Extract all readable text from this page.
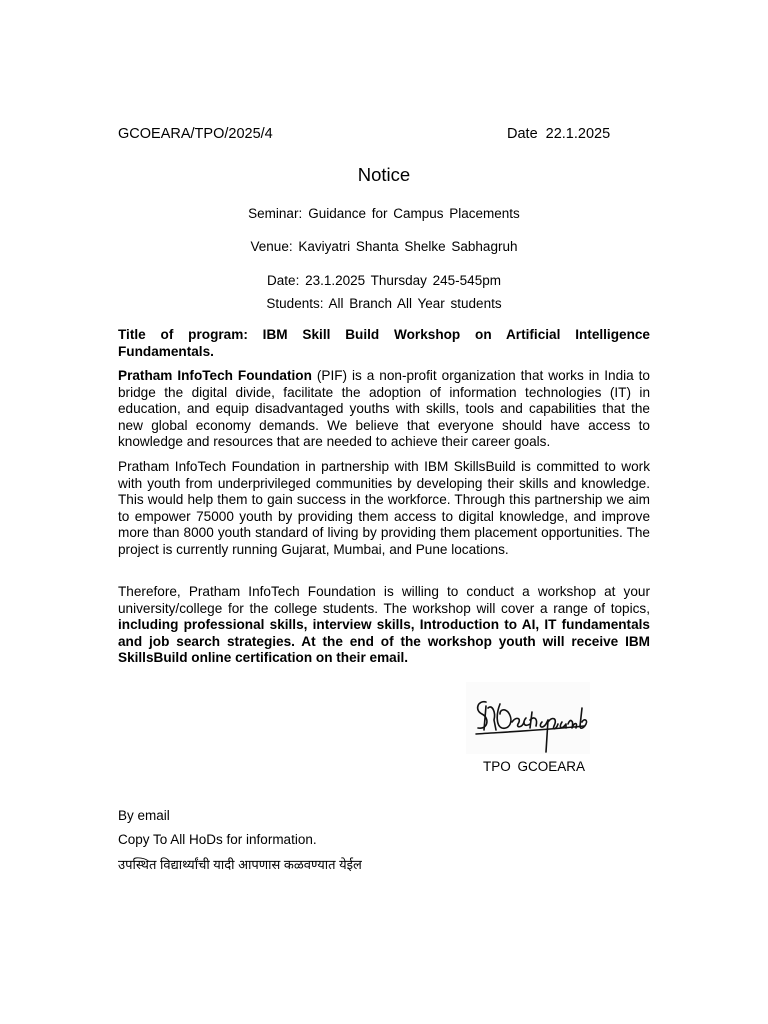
GCOEARA/TPO/2025/4	Date 22.1.2025
Notice
Seminar: Guidance for Campus Placements
Venue: Kaviyatri Shanta Shelke Sabhagruh
Date: 23.1.2025 Thursday 245-545pm
Students: All Branch All Year students

Title of program: IBM Skill Build Workshop on Artificial Intelligence Fundamentals.

Pratham InfoTech Foundation (PIF) is a non-profit organization that works in India to bridge the digital divide, facilitate the adoption of information technologies (IT) in education, and equip disadvantaged youths with skills, tools and capabilities that the new global economy demands. We believe that everyone should have access to knowledge and resources that are needed to achieve their career goals.

Pratham InfoTech Foundation in partnership with IBM SkillsBuild is committed to work with youth from underprivileged communities by developing their skills and knowledge. This would help them to gain success in the workforce. Through this partnership we aim to empower 75000 youth by providing them access to digital knowledge, and improve more than 8000 youth standard of living by providing them placement opportunities. The project is currently running Gujarat, Mumbai, and Pune locations.

Therefore, Pratham InfoTech Foundation is willing to conduct a workshop at your university/college for the college students. The workshop will cover a range of topics, including professional skills, interview skills, Introduction to AI, IT fundamentals and job search strategies. At the end of the workshop youth will receive IBM SkillsBuild online certification on their email.

TPO GCOEARA
By email
Copy To All HoDs for information.
उपस्थित विद्यार्थ्यांची यादी आपणास कळवण्यात येईल
